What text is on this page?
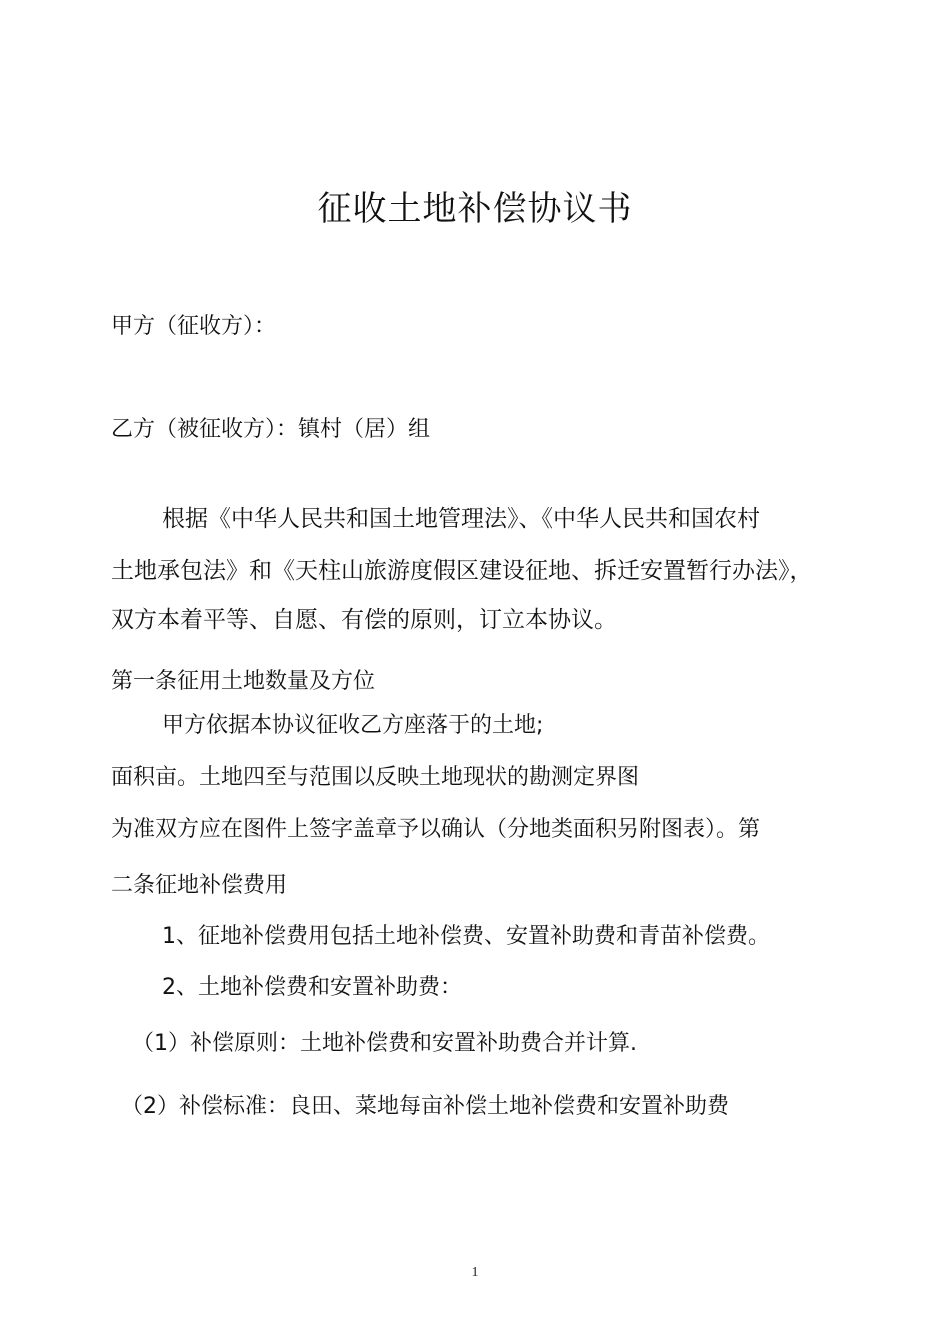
征收土地补偿协议书
甲方（征收方）：
乙方（被征收方）：镇村（居）组
根据《中华人民共和国土地管理法》、《中华人民共和国农村
土地承包法》和《天柱山旅游度假区建设征地、拆迁安置暂行办法》，
双方本着平等、自愿、有偿的原则，订立本协议。
第一条征用土地数量及方位
甲方依据本协议征收乙方座落于的土地;
面积亩。土地四至与范围以反映土地现状的勘测定界图
为准双方应在图件上签字盖章予以确认（分地类面积另附图表）。第
二条征地补偿费用
1、征地补偿费用包括土地补偿费、安置补助费和青苗补偿费。
2、土地补偿费和安置补助费：
（1）补偿原则：土地补偿费和安置补助费合并计算.
（2）补偿标准：良田、菜地每亩补偿土地补偿费和安置补助费
1
